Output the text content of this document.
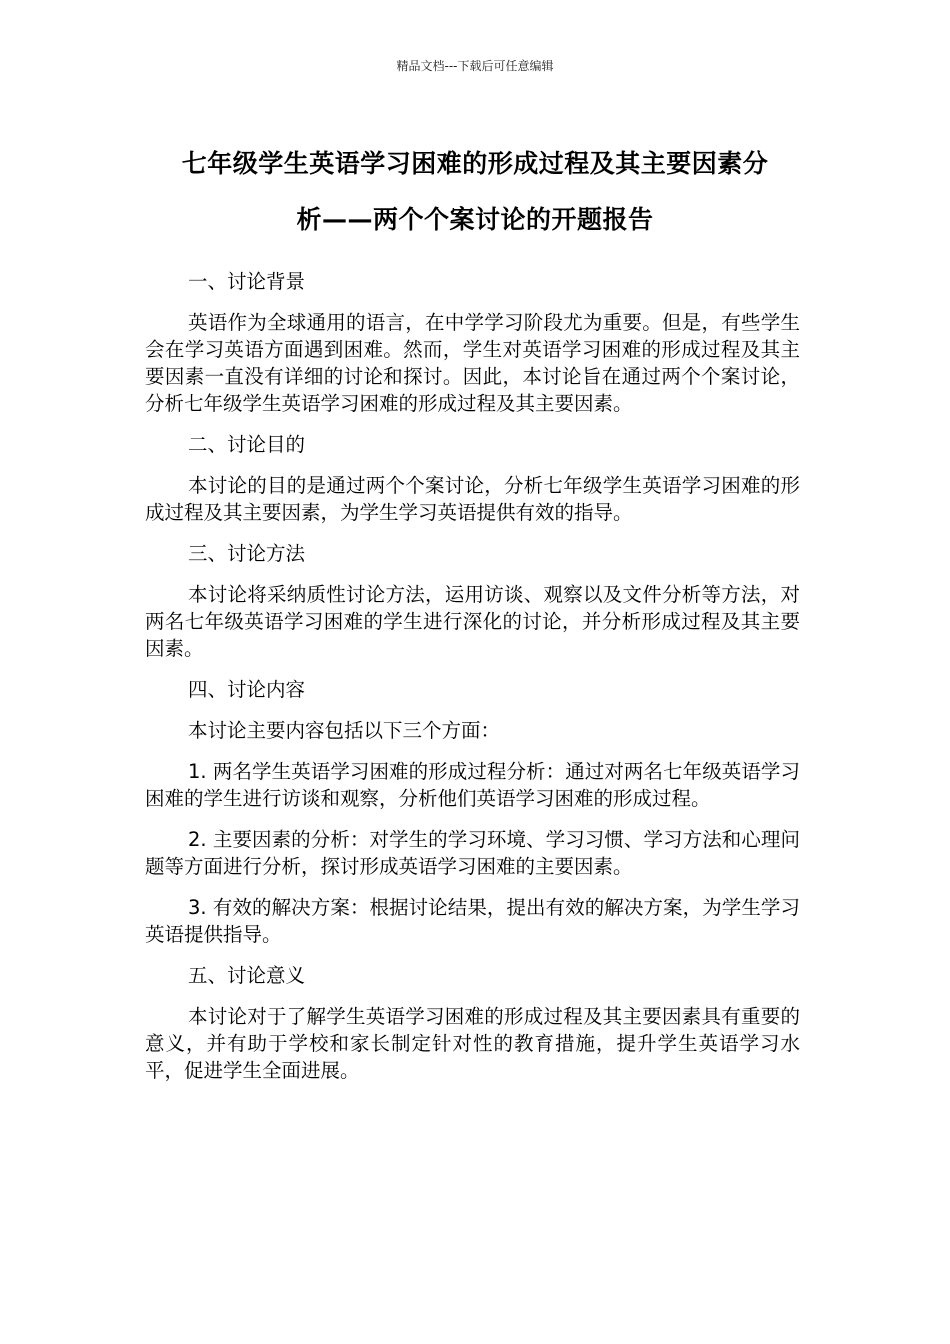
精品文档---下载后可任意编辑
七年级学生英语学习困难的形成过程及其主要因素分
析——两个个案讨论的开题报告

一、讨论背景

英语作为全球通用的语言，在中学学习阶段尤为重要。但是，有些学生会在学习英语方面遇到困难。然而，学生对英语学习困难的形成过程及其主要因素一直没有详细的讨论和探讨。因此，本讨论旨在通过两个个案讨论，分析七年级学生英语学习困难的形成过程及其主要因素。

二、讨论目的

本讨论的目的是通过两个个案讨论，分析七年级学生英语学习困难的形成过程及其主要因素，为学生学习英语提供有效的指导。

三、讨论方法

本讨论将采纳质性讨论方法，运用访谈、观察以及文件分析等方法，对两名七年级英语学习困难的学生进行深化的讨论，并分析形成过程及其主要因素。

四、讨论内容

本讨论主要内容包括以下三个方面：

1. 两名学生英语学习困难的形成过程分析：通过对两名七年级英语学习困难的学生进行访谈和观察，分析他们英语学习困难的形成过程。

2. 主要因素的分析：对学生的学习环境、学习习惯、学习方法和心理问题等方面进行分析，探讨形成英语学习困难的主要因素。

3. 有效的解决方案：根据讨论结果，提出有效的解决方案，为学生学习英语提供指导。

五、讨论意义

本讨论对于了解学生英语学习困难的形成过程及其主要因素具有重要的意义，并有助于学校和家长制定针对性的教育措施，提升学生英语学习水平，促进学生全面进展。
